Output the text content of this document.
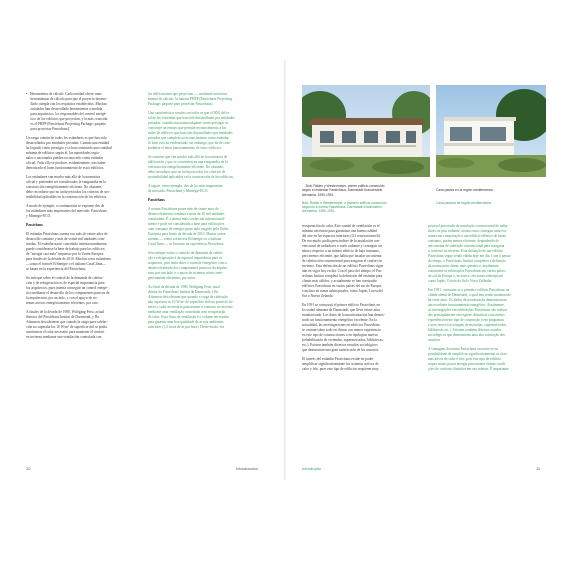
•   Herramienta de cálculo. Cada entidad ofrece unas
herramientas de cálculo para que el proyecto desarro-
llado cumpla con los requisitos establecidos. Muchas
entidades han desarrollado herramientas a medida
para arquitectos, los responsables del control energé-
tico de los edificios que proyectan, y la más conocida
es el PHPP (Passivhaus Projecting Package: paquete
para proyectar Passivhaus).
Un rasgo común de todos los estándares es que han sido
desarrollados por entidades privadas. Cuando una entidad
ha logrado cierto prestigio y se han construido una cantidad
mínima de edificios según él, las autoridades regio-
nales o nacionales pueden reconocerlo como estándar
oficial. Todo ello se produce, evidentemente, tras haber
demostrado el buen funcionamiento de estos edificios.
Los estándares van mucho más allá de la normativa
oficial y pretenden ser considerados la vanguardia en la
construcción energéticamente eficiente. No obstante,
debe recordarse que no incluyen todos los criterios de sos-
tenibilidad aplicables en la construcción de los edificios.
A modo de ejemplo, a continuación se exponen dos de
los estándares más importantes del mercado: Passivhaus
y Minergie-ECO.
Passivhaus
El estándar Passivhaus cuenta con más de veinte años de
desarrollo continuo y más de veinte mil unidades cons-
truidas. El estándar nació concebido internacionalmente,
puede considerarse la base de trabajo para los edificios
de "energía casi nula" impuesto por la Unión Europea
para finales de la década de 2010. Muchos otros estándares
—como el francés Effinergie o el italiano CasaClima—
se basan en la experiencia del Passivhaus.
Su enfoque sobre el control de la demanda de calefac-
ción y de refrigeración es de especial importancia para
los arquitectos, pues intenta conseguir un control energé-
tico mediante el desarrollo de los componentes pasivos de
la arquitectura, por un lado, y con el apoyo de sis-
temas activos energéticamente eficientes, por otro.
A finales de la década de 1980, Wolfgang Feist, actual
director del Passivhaus Institut de Darmstadt, y Bo
Adamson descubrieron que cuando la carga para calefac-
ción no superaba los 10 W/m² de superficie útil se podía
suministrar el calor necesario para mantener el confort
en invierno mediante una ventilación controlada con
las edificaciones que proyectan —, mediante una herra-
mienta de cálculo: la famosa PHPP (Passivhaus Projecting
Package: paquete para proyectar Passivhaus).
Una característica común con todos es que el 90% del to-
tal de las viviendas que han sido desarrolladas por entidades
privadas: cuando una norma adquiere cierta prestigio se
construye un ensayo que permite reconocimiento a los
miles de edificios que han sido desarrollados por entidades
privadas que cumplen su reconocimiento como estándar.
Si bien esto ha evidenciado, sin embargo, que ha de com-
probarse el buen funcionamiento de estos edificios.
Se sostiene que van mucho más allá de la normativa de
edificación y que se convierten en una vanguardia de la
construcción energéticamente eficiente. No obstante,
debe recordarse que no incluyen todos los criterios de
sostenibilidad aplicables en la construcción de los edificios.
A seguir, como ejemplo, dos de los más importantes
de mercado: Passivhaus y Minergie-ECO.
Passivhaus
A norma Passivhaus posee más de veinte anos de
desenvolvimento contínuo e mais de 20 mil unidades
construídas. É a norma mais conhecida internacional-
mente e pode ser considerada a base para edificações
com consumo de energia quase nulo exigido pela União
Europeia para finais da década de 2010. Muitas outras
normas — como a francesa Effinergie ou a italiana
CasaClima — se baseiam na experiência Passivhaus.
Seu enfoque sobre o controle da demanda de calefa-
ção e refrigeração é de especial importância para os
arquitetos, pois tenta obter o controle energético com o
desenvolvimento dos componentes passivos da arquite-
tura, por um lado, e o apoio de sistemas ativos ener-
geticamente eficientes, por outro.
Ao final da década de 1980, Wolfgang Feist, atual
diretor do Passivhaus Institut de Darmstadt, e Bo
Adamson descobriram que quando a carga de calefação
não superava os 10 W/m² de superfície útil era possível for-
necer o calor necessário para manter o conforto no inverno
mediante uma ventilação controlada com recuperação
de calor. Essa fluxo de ventilação é o volume necessário
para garantir uma boa qualidade de ar nos ambientes
interiores (1,5 troca de ar por hora). Desse modo, era
10	Introducción

Bott, Ridder y Westermeyer, primer edificio construido
según el estándar Passivhaus, Darmstadt-Kranichstein,
Alemania, 1990-1991.

Bott, Ridder e Westermeyer, o primeiro edifício construído
segundo a norma Passivhaus, Darmstadt-Kranichstein,
Alemanha, 1990-1991.

Casa pasiva en la región mediterránea.

Casa passiva na região mediterrânea.

recuperación de calor. Este caudal de ventilación es el
mínimo necesario para garantizar una buena calidad
del aire en los espacios interiores (0,3 renovaciones/h).
De ese modo, podía prescindirse de la instalación con-
vencional de radiadores o suelo radiante y conseguir un
ahorro respecto a un mismo edificio de baja consumo,
pero menos eficiente, que había que instalar un sistema
de calefacción convencional para asegurar el confort en
invierno. Esta definición de un edificio Passivhaus sigue
aún en vigor hoy en día. Con el paso del tiempo, el Pas-
sivhaus Institut completó la definición del estándar para
climas más cálidos, y actualmente se han construido
edificios Passivhaus en varios países del sur de Europa,
e incluso en zonas subtropicales, como Japón, Corea del
Sur o Nueva Zelanda.
En 1991 se construyó el primer edificio Passivhaus en
la ciudad alemana de Darmstadt, que lleva veinte años
monitorizado. Los datos de la monitorización han demos-
trado un funcionamiento energético excelente. En la
actualidad, las investigaciones en edificios Passivhaus
se centran sobre todo en climas con menor experiencia
en este tipo de construcciones o en tipologías nuevas
(rehabilitación de viviendas, supermercados, bibliotecas,
etc.). Existen también diversos estudios sociológicos
que demuestran una gran satisfacción de los usuarios.
El interés del estándar Passivhaus reside en poder
simplificar significativamente los sistemas activos de
calor y frío, pues este tipo de edificios requieren muy
possível prescindir da instalação convencional de radia-
dores ou piso radiante, assim como conseguir uma eco-
nomia em comparação a um edifício idêntico de baixo
consumo, porém menos eficiente, dependendo de
um sistema de calefação convencional para assegurar
o conforto no inverno. Esta definição de um edifício
Passivhaus segue sendo válida hoje em dia. Com o passar
do tempo, o Passivhaus Institut completou a definição
da norma para climas mais quentes e, atualmente,
constroem-se edificações Passivhaus em vários países
do sul da Europa e, inclusive, em zonas subtropicais
como Japão, Coreia do Sul e Nova Zelândia.
Em 1991, construiu-se o primeiro edifício Passivhaus na
cidade alemã de Darmstadt, o qual tem sendo monitorado
há vinte anos. Os dados da monitoração demonstraram
um excelente funcionamento energético. Atualmente,
as investigações em edificações Passivhaus são realiza-
das principalmente em regiões climáticas com menos
experiência neste tipo de construção e em programas
e usos novos (reciclagem de moradias, supermercados,
bibliotecas etc.). Existem também diversos estudos
sociológicos que demonstram uma alta satisfação dos
usuários.
A vantagem da norma Passivhaus encontra-se na
possibilidade de simplificar significativamente os siste-
mas ativos de calor e frio, pois este tipo de edifício
requer muito pouca energia para manter ótimas condi-
ções de conforto climático em seu interior. É importante
Introdução	11
